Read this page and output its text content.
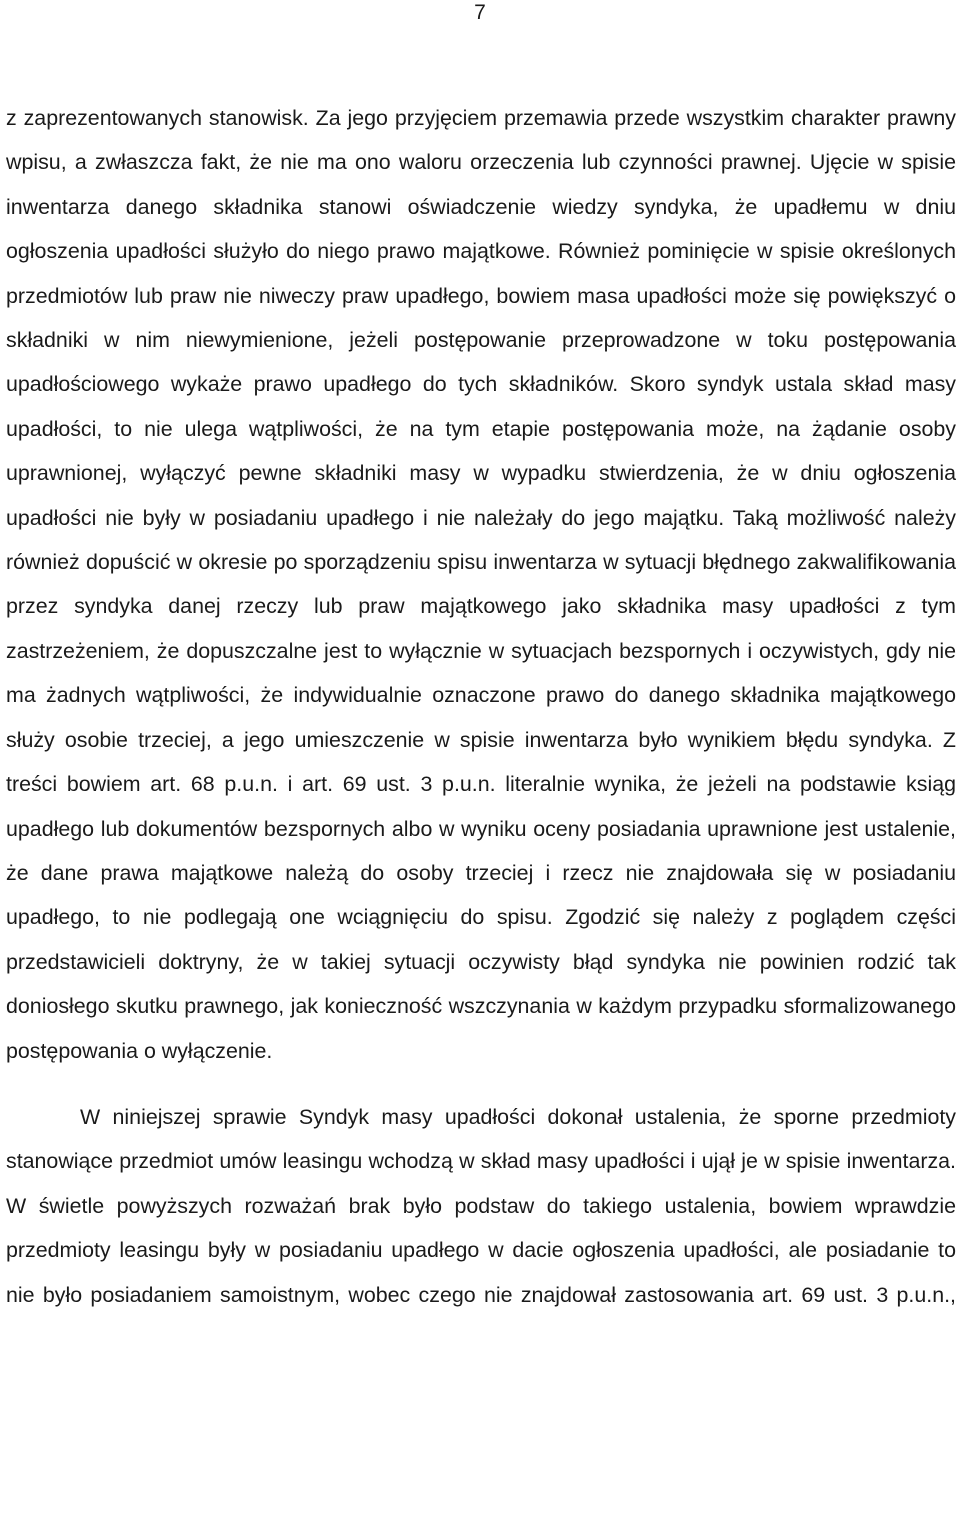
7

z zaprezentowanych stanowisk. Za jego przyjęciem przemawia przede wszystkim charakter prawny wpisu, a zwłaszcza fakt, że nie ma ono waloru orzeczenia lub czynności prawnej. Ujęcie w spisie inwentarza danego składnika stanowi oświadczenie wiedzy syndyka, że upadłemu w dniu ogłoszenia upadłości służyło do niego prawo majątkowe. Również pominięcie w spisie określonych przedmiotów lub praw nie niweczy praw upadłego, bowiem masa upadłości może się powiększyć o składniki w nim niewymienione, jeżeli postępowanie przeprowadzone w toku postępowania upadłościowego wykaże prawo upadłego do tych składników. Skoro syndyk ustala skład masy upadłości, to nie ulega wątpliwości, że na tym etapie postępowania może, na żądanie osoby uprawnionej, wyłączyć pewne składniki masy w wypadku stwierdzenia, że w dniu ogłoszenia upadłości nie były w posiadaniu upadłego i nie należały do jego majątku. Taką możliwość należy również dopuścić w okresie po sporządzeniu spisu inwentarza w sytuacji błędnego zakwalifikowania przez syndyka danej rzeczy lub praw majątkowego jako składnika masy upadłości z tym zastrzeżeniem, że dopuszczalne jest to wyłącznie w sytuacjach bezspornych i oczywistych, gdy nie ma żadnych wątpliwości, że indywidualnie oznaczone prawo do danego składnika majątkowego służy osobie trzeciej, a jego umieszczenie w spisie inwentarza było wynikiem błędu syndyka. Z treści bowiem art. 68 p.u.n. i art. 69 ust. 3 p.u.n. literalnie wynika, że jeżeli na podstawie ksiąg upadłego lub dokumentów bezspornych albo w wyniku oceny posiadania uprawnione jest ustalenie, że dane prawa majątkowe należą do osoby trzeciej i rzecz nie znajdowała się w posiadaniu upadłego, to nie podlegają one wciągnięciu do spisu. Zgodzić się należy z poglądem części przedstawicieli doktryny, że w takiej sytuacji oczywisty błąd syndyka nie powinien rodzić tak doniosłego skutku prawnego, jak konieczność wszczynania w każdym przypadku sformalizowanego postępowania o wyłączenie.

W niniejszej sprawie Syndyk masy upadłości dokonał ustalenia, że sporne przedmioty stanowiące przedmiot umów leasingu wchodzą w skład masy upadłości i ujął je w spisie inwentarza. W świetle powyższych rozważań brak było podstaw do takiego ustalenia, bowiem wprawdzie przedmioty leasingu były w posiadaniu upadłego w dacie ogłoszenia upadłości, ale posiadanie to nie było posiadaniem samoistnym, wobec czego nie znajdował zastosowania art. 69 ust. 3 p.u.n.,
